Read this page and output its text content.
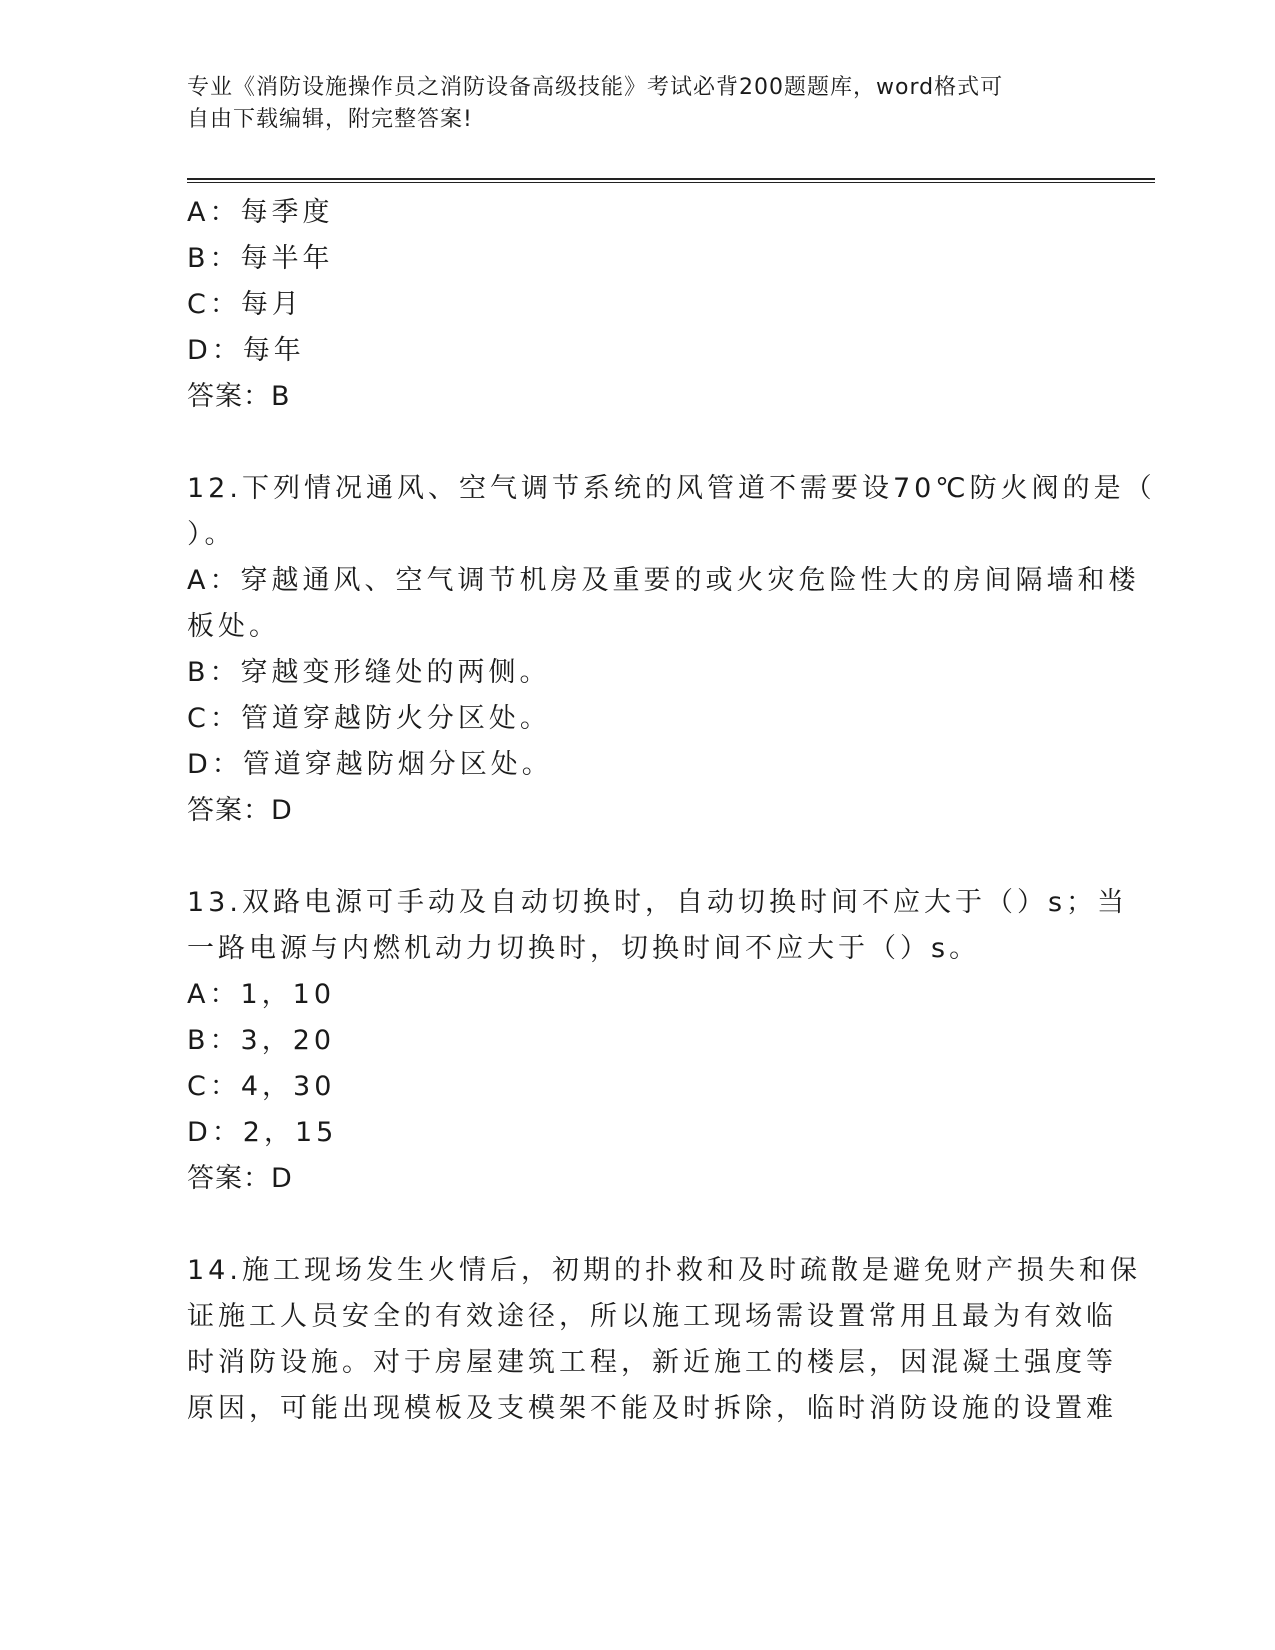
专业《消防设施操作员之消防设备高级技能》考试必背200题题库，word格式可
自由下载编辑，附完整答案!
A：每季度
B：每半年
C：每月
D：每年
答案：B
12.下列情况通风、空气调节系统的风管道不需要设70℃防火阀的是（
）。
A：穿越通风、空气调节机房及重要的或火灾危险性大的房间隔墙和楼
板处。
B：穿越变形缝处的两侧。
C：管道穿越防火分区处。
D：管道穿越防烟分区处。
答案：D
13.双路电源可手动及自动切换时，自动切换时间不应大于（）s；当
一路电源与内燃机动力切换时，切换时间不应大于（）s。
A：1，10
B：3，20
C：4，30
D：2，15
答案：D
14.施工现场发生火情后，初期的扑救和及时疏散是避免财产损失和保
证施工人员安全的有效途径，所以施工现场需设置常用且最为有效临
时消防设施。对于房屋建筑工程，新近施工的楼层，因混凝土强度等
原因，可能出现模板及支模架不能及时拆除，临时消防设施的设置难
